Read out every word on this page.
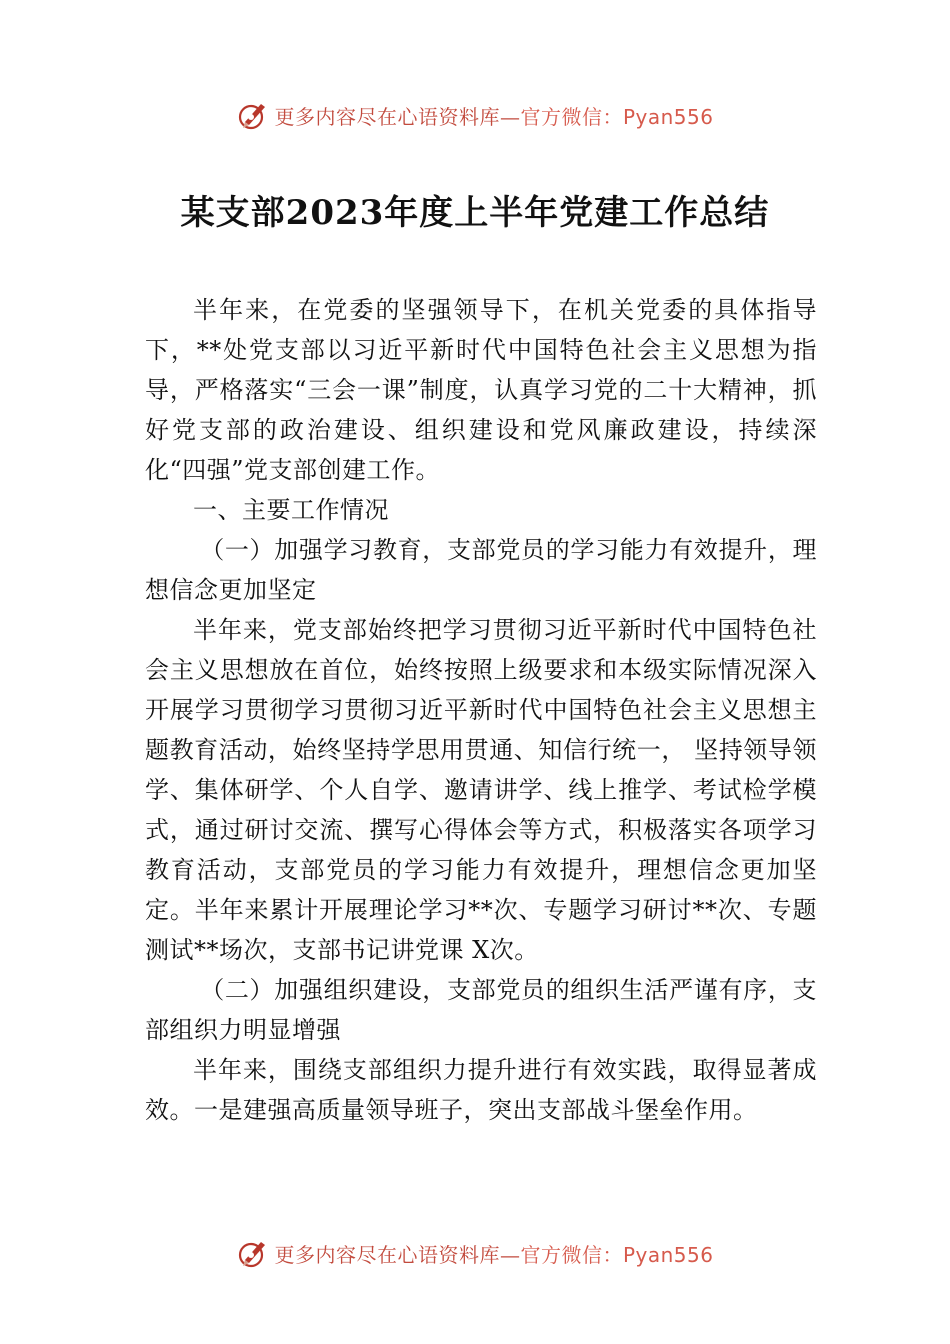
更多内容尽在心语资料库—官方微信：Pyan556
某支部2023年度上半年党建工作总结

半年来，在党委的坚强领导下，在机关党委的具体指导下，**处党支部以习近平新时代中国特色社会主义思想为指导，严格落实“三会一课”制度，认真学习党的二十大精神，抓好党支部的政治建设、组织建设和党风廉政建设，持续深化“四强”党支部创建工作。

一、主要工作情况

（一）加强学习教育，支部党员的学习能力有效提升，理想信念更加坚定

半年来，党支部始终把学习贯彻习近平新时代中国特色社会主义思想放在首位，始终按照上级要求和本级实际情况深入开展学习贯彻学习贯彻习近平新时代中国特色社会主义思想主题教育活动，始终坚持学思用贯通、知信行统一， 坚持领导领学、集体研学、个人自学、邀请讲学、线上推学、考试检学模式，通过研讨交流、撰写心得体会等方式，积极落实各项学习教育活动，支部党员的学习能力有效提升，理想信念更加坚定。半年来累计开展理论学习**次、专题学习研讨**次、专题测试**场次，支部书记讲党课 X次。

（二）加强组织建设，支部党员的组织生活严谨有序，支部组织力明显增强

半年来，围绕支部组织力提升进行有效实践，取得显著成效。一是建强高质量领导班子，突出支部战斗堡垒作用。

更多内容尽在心语资料库—官方微信：Pyan556
